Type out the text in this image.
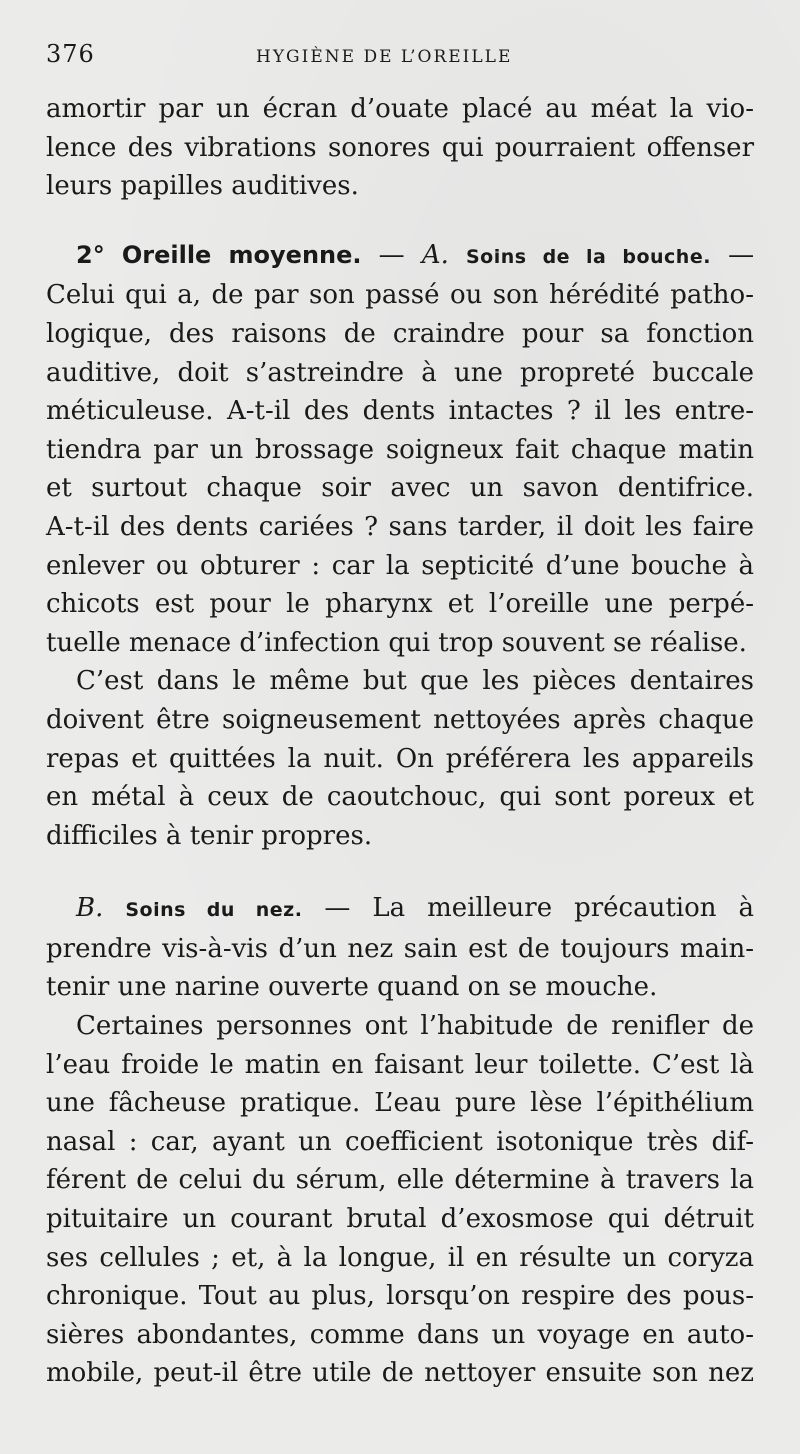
376	HYGIÈNE DE L’OREILLE

amortir par un écran d’ouate placé au méat la vio-
lence des vibrations sonores qui pourraient offenser
leurs papilles auditives.

2° Oreille moyenne. — A. Soins de la bouche. —
Celui qui a, de par son passé ou son hérédité patho-
logique, des raisons de craindre pour sa fonction
auditive, doit s’astreindre à une propreté buccale
méticuleuse. A-t-il des dents intactes ? il les entre-
tiendra par un brossage soigneux fait chaque matin
et surtout chaque soir avec un savon dentifrice.
A-t-il des dents cariées ? sans tarder, il doit les faire
enlever ou obturer : car la septicité d’une bouche à
chicots est pour le pharynx et l’oreille une perpé-
tuelle menace d’infection qui trop souvent se réalise.

C’est dans le même but que les pièces dentaires
doivent être soigneusement nettoyées après chaque
repas et quittées la nuit. On préférera les appareils
en métal à ceux de caoutchouc, qui sont poreux et
difficiles à tenir propres.

B. Soins du nez. — La meilleure précaution à
prendre vis-à-vis d’un nez sain est de toujours main-
tenir une narine ouverte quand on se mouche.

Certaines personnes ont l’habitude de renifler de
l’eau froide le matin en faisant leur toilette. C’est là
une fâcheuse pratique. L’eau pure lèse l’épithélium
nasal : car, ayant un coefficient isotonique très dif-
férent de celui du sérum, elle détermine à travers la
pituitaire un courant brutal d’exosmose qui détruit
ses cellules ; et, à la longue, il en résulte un coryza
chronique. Tout au plus, lorsqu’on respire des pous-
sières abondantes, comme dans un voyage en auto-
mobile, peut-il être utile de nettoyer ensuite son nez
